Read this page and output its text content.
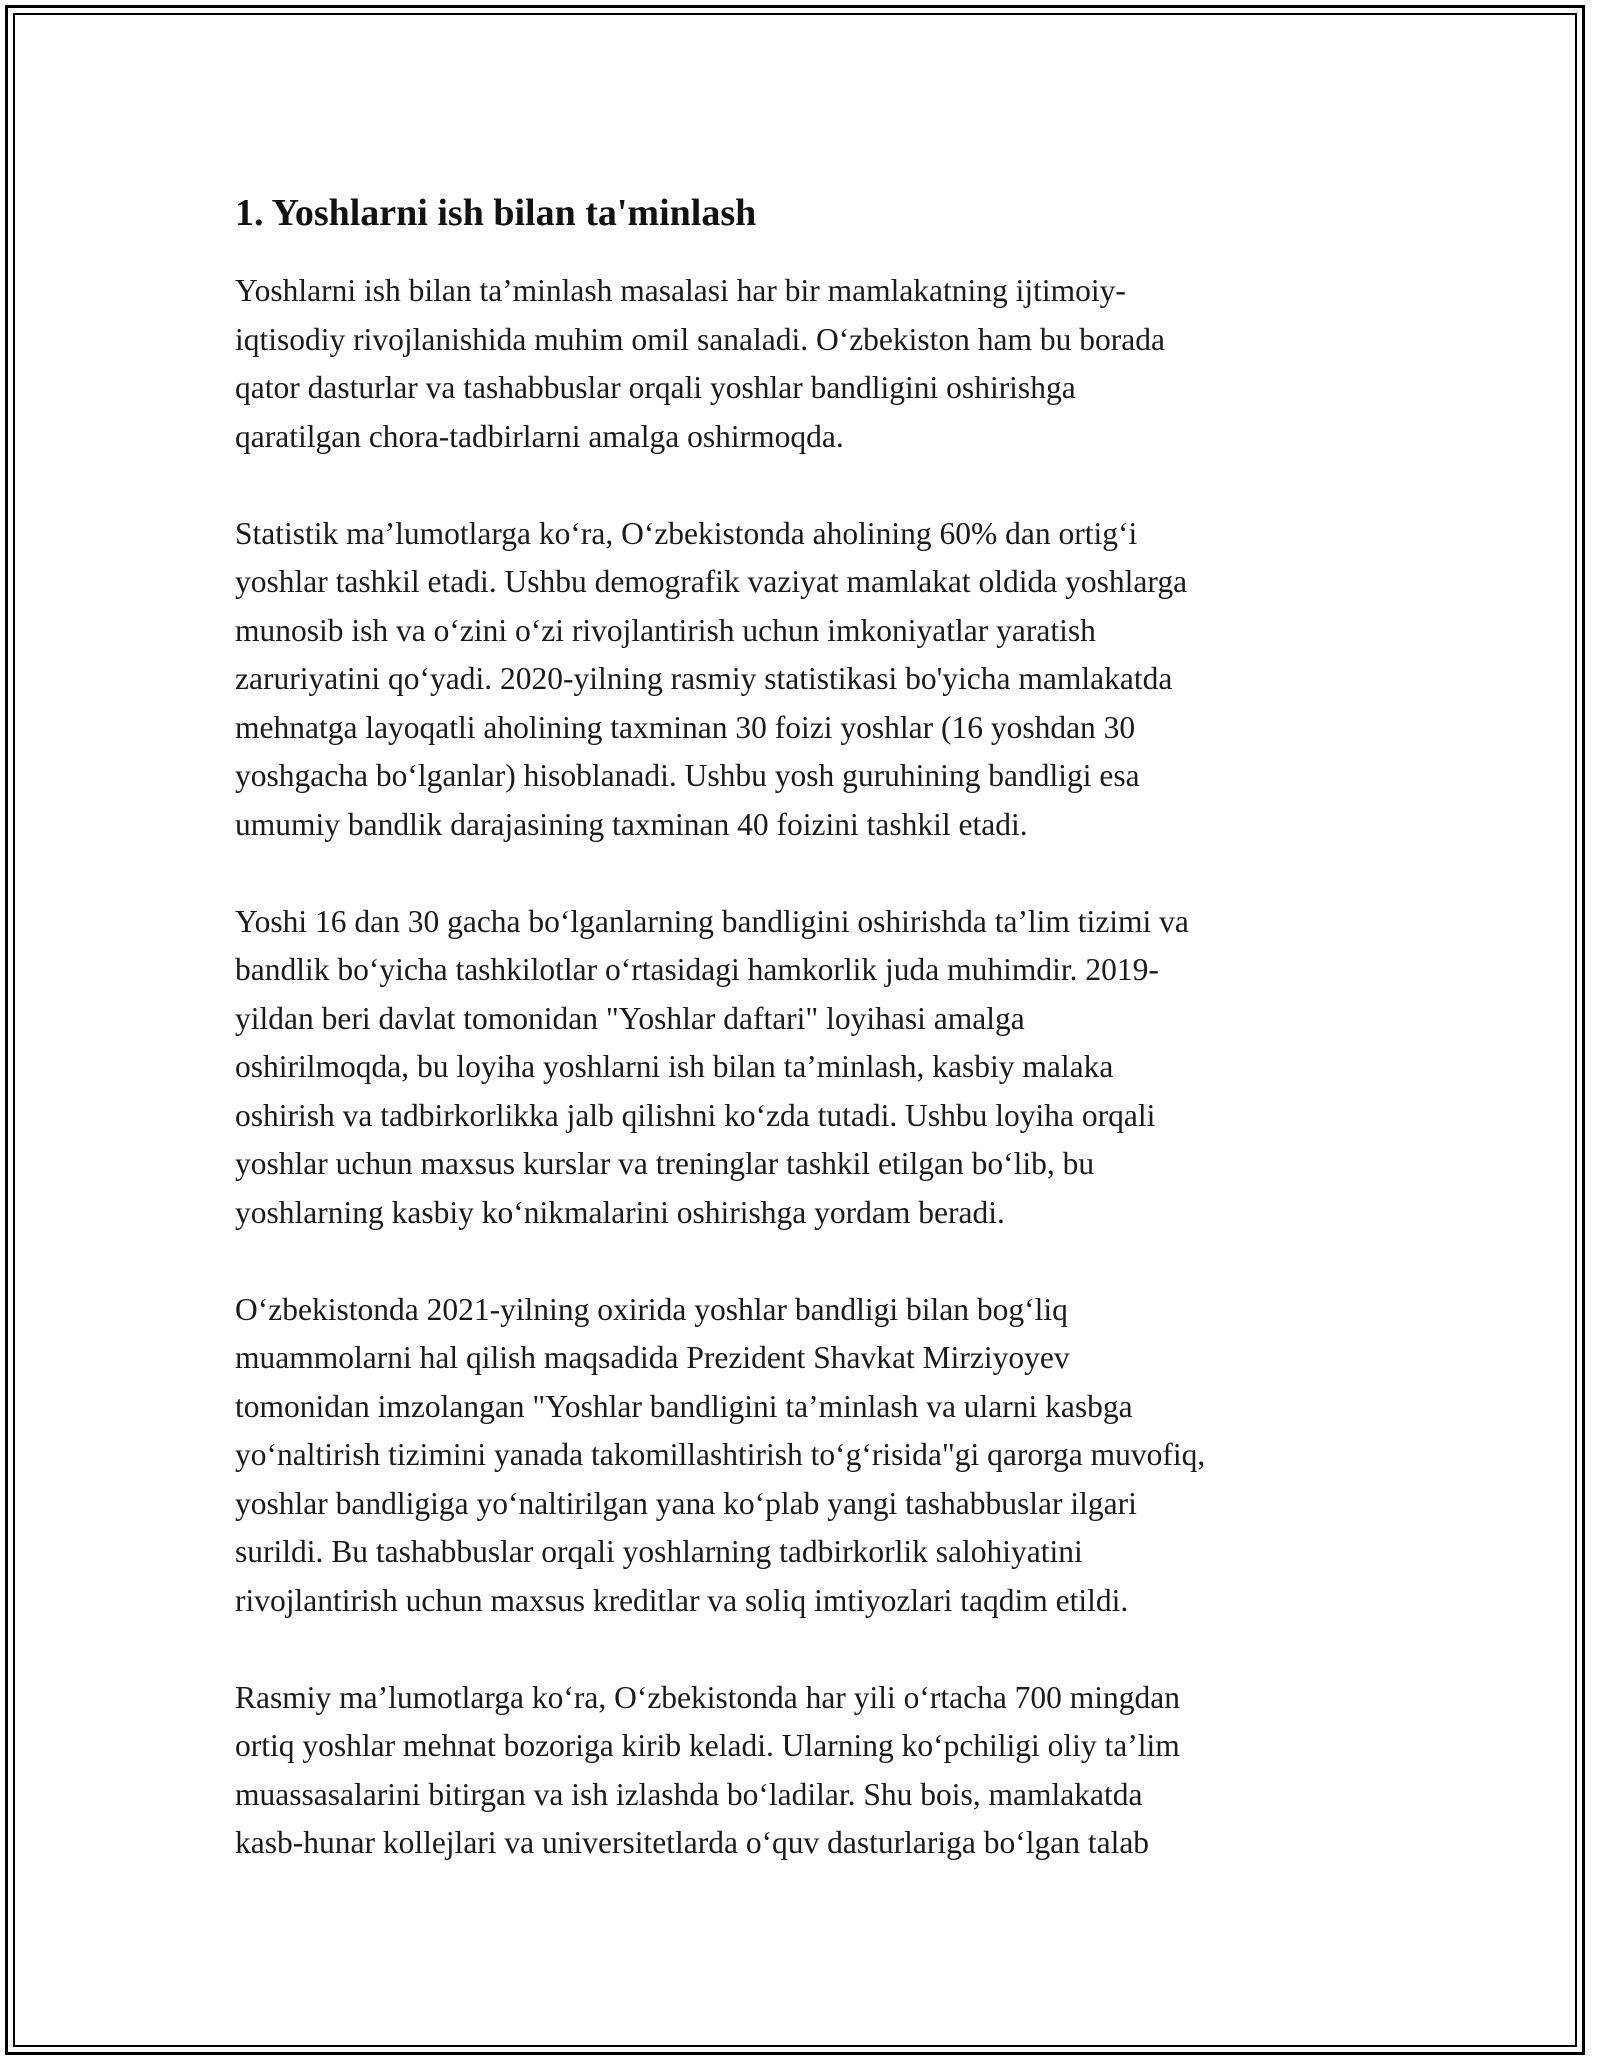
1. Yoshlarni ish bilan ta'minlash

Yoshlarni ish bilan ta’minlash masalasi har bir mamlakatning ijtimoiy-
iqtisodiy rivojlanishida muhim omil sanaladi. O‘zbekiston ham bu borada
qator dasturlar va tashabbuslar orqali yoshlar bandligini oshirishga
qaratilgan chora-tadbirlarni amalga oshirmoqda.

Statistik ma’lumotlarga ko‘ra, O‘zbekistonda aholining 60% dan ortig‘i
yoshlar tashkil etadi. Ushbu demografik vaziyat mamlakat oldida yoshlarga
munosib ish va o‘zini o‘zi rivojlantirish uchun imkoniyatlar yaratish
zaruriyatini qo‘yadi. 2020-yilning rasmiy statistikasi bo'yicha mamlakatda
mehnatga layoqatli aholining taxminan 30 foizi yoshlar (16 yoshdan 30
yoshgacha bo‘lganlar) hisoblanadi. Ushbu yosh guruhining bandligi esa
umumiy bandlik darajasining taxminan 40 foizini tashkil etadi.

Yoshi 16 dan 30 gacha bo‘lganlarning bandligini oshirishda ta’lim tizimi va
bandlik bo‘yicha tashkilotlar o‘rtasidagi hamkorlik juda muhimdir. 2019-
yildan beri davlat tomonidan "Yoshlar daftari" loyihasi amalga
oshirilmoqda, bu loyiha yoshlarni ish bilan ta’minlash, kasbiy malaka
oshirish va tadbirkorlikka jalb qilishni ko‘zda tutadi. Ushbu loyiha orqali
yoshlar uchun maxsus kurslar va treninglar tashkil etilgan bo‘lib, bu
yoshlarning kasbiy ko‘nikmalarini oshirishga yordam beradi.

O‘zbekistonda 2021-yilning oxirida yoshlar bandligi bilan bog‘liq
muammolarni hal qilish maqsadida Prezident Shavkat Mirziyoyev
tomonidan imzolangan "Yoshlar bandligini ta’minlash va ularni kasbga
yo‘naltirish tizimini yanada takomillashtirish to‘g‘risida"gi qarorga muvofiq,
yoshlar bandligiga yo‘naltirilgan yana ko‘plab yangi tashabbuslar ilgari
surildi. Bu tashabbuslar orqali yoshlarning tadbirkorlik salohiyatini
rivojlantirish uchun maxsus kreditlar va soliq imtiyozlari taqdim etildi.

Rasmiy ma’lumotlarga ko‘ra, O‘zbekistonda har yili o‘rtacha 700 mingdan
ortiq yoshlar mehnat bozoriga kirib keladi. Ularning ko‘pchiligi oliy ta’lim
muassasalarini bitirgan va ish izlashda bo‘ladilar. Shu bois, mamlakatda
kasb-hunar kollejlari va universitetlarda o‘quv dasturlariga bo‘lgan talab
